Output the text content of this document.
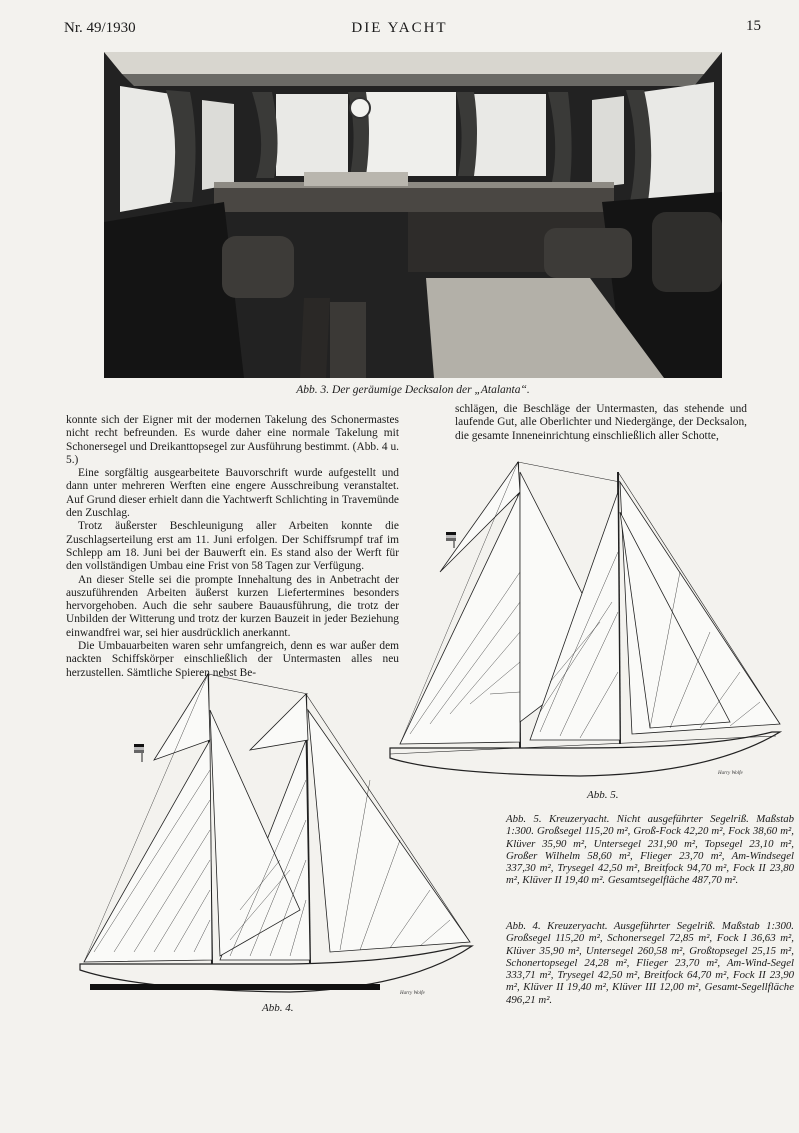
Nr. 49/1930	DIE YACHT	15
Abb. 3. Der geräumige Decksalon der „Atalanta“.

konnte sich der Eigner mit der modernen Takelung des Schonermastes nicht recht befreunden. Es wurde daher eine normale Takelung mit Schonersegel und Dreikanttopsegel zur Ausführung bestimmt. (Abb. 4 u. 5.)

Eine sorgfältig ausgearbeitete Bauvorschrift wurde aufgestellt und dann unter mehreren Werften eine engere Ausschreibung veranstaltet. Auf Grund dieser erhielt dann die Yachtwerft Schlichting in Travemünde den Zuschlag.

Trotz äußerster Beschleunigung aller Arbeiten konnte die Zuschlagserteilung erst am 11. Juni erfolgen. Der Schiffsrumpf traf im Schlepp am 18. Juni bei der Bauwerft ein. Es stand also der Werft für den vollständigen Umbau eine Frist von 58 Tagen zur Verfügung.

An dieser Stelle sei die prompte Innehaltung des in Anbetracht der auszuführenden Arbeiten äußerst kurzen Liefertermines besonders hervorgehoben. Auch die sehr saubere Bauausführung, die trotz der Unbilden der Witterung und trotz der kurzen Bauzeit in jeder Beziehung einwandfrei war, sei hier ausdrücklich anerkannt.

Die Umbauarbeiten waren sehr umfangreich, denn es war außer dem nackten Schiffskörper einschließlich der Untermasten alles neu herzustellen. Sämtliche Spieren nebst Be-

schlägen, die Beschläge der Untermasten, das stehende und laufende Gut, alle Oberlichter und Niedergänge, der Decksalon, die gesamte Inneneinrichtung einschließlich aller Schotte,

Harry Wolfe
Abb. 5.
Harry Wolfe
Abb. 4.
Abb. 5. Kreuzeryacht. Nicht ausgeführter Segelriß. Maßstab 1:300. Großsegel 115,20 m², Groß-Fock 42,20 m², Fock 38,60 m², Klüver 35,90 m², Untersegel 231,90 m², Topsegel 23,10 m², Großer Wilhelm 58,60 m², Flieger 23,70 m², Am-Windsegel 337,30 m², Trysegel 42,50 m², Breitfock 94,70 m², Fock II 23,80 m², Klüver II 19,40 m². Gesamtsegelfläche 487,70 m².
Abb. 4. Kreuzeryacht. Ausgeführter Segelriß. Maßstab 1:300. Großsegel 115,20 m², Schonersegel 72,85 m², Fock I 36,63 m², Klüver 35,90 m², Untersegel 260,58 m², Großtopsegel 25,15 m², Schonertopsegel 24,28 m², Flieger 23,70 m², Am-Wind-Segel 333,71 m², Trysegel 42,50 m², Breitfock 64,70 m², Fock II 23,90 m², Klüver II 19,40 m², Klüver III 12,00 m², Gesamt-Segellfläche 496,21 m².
